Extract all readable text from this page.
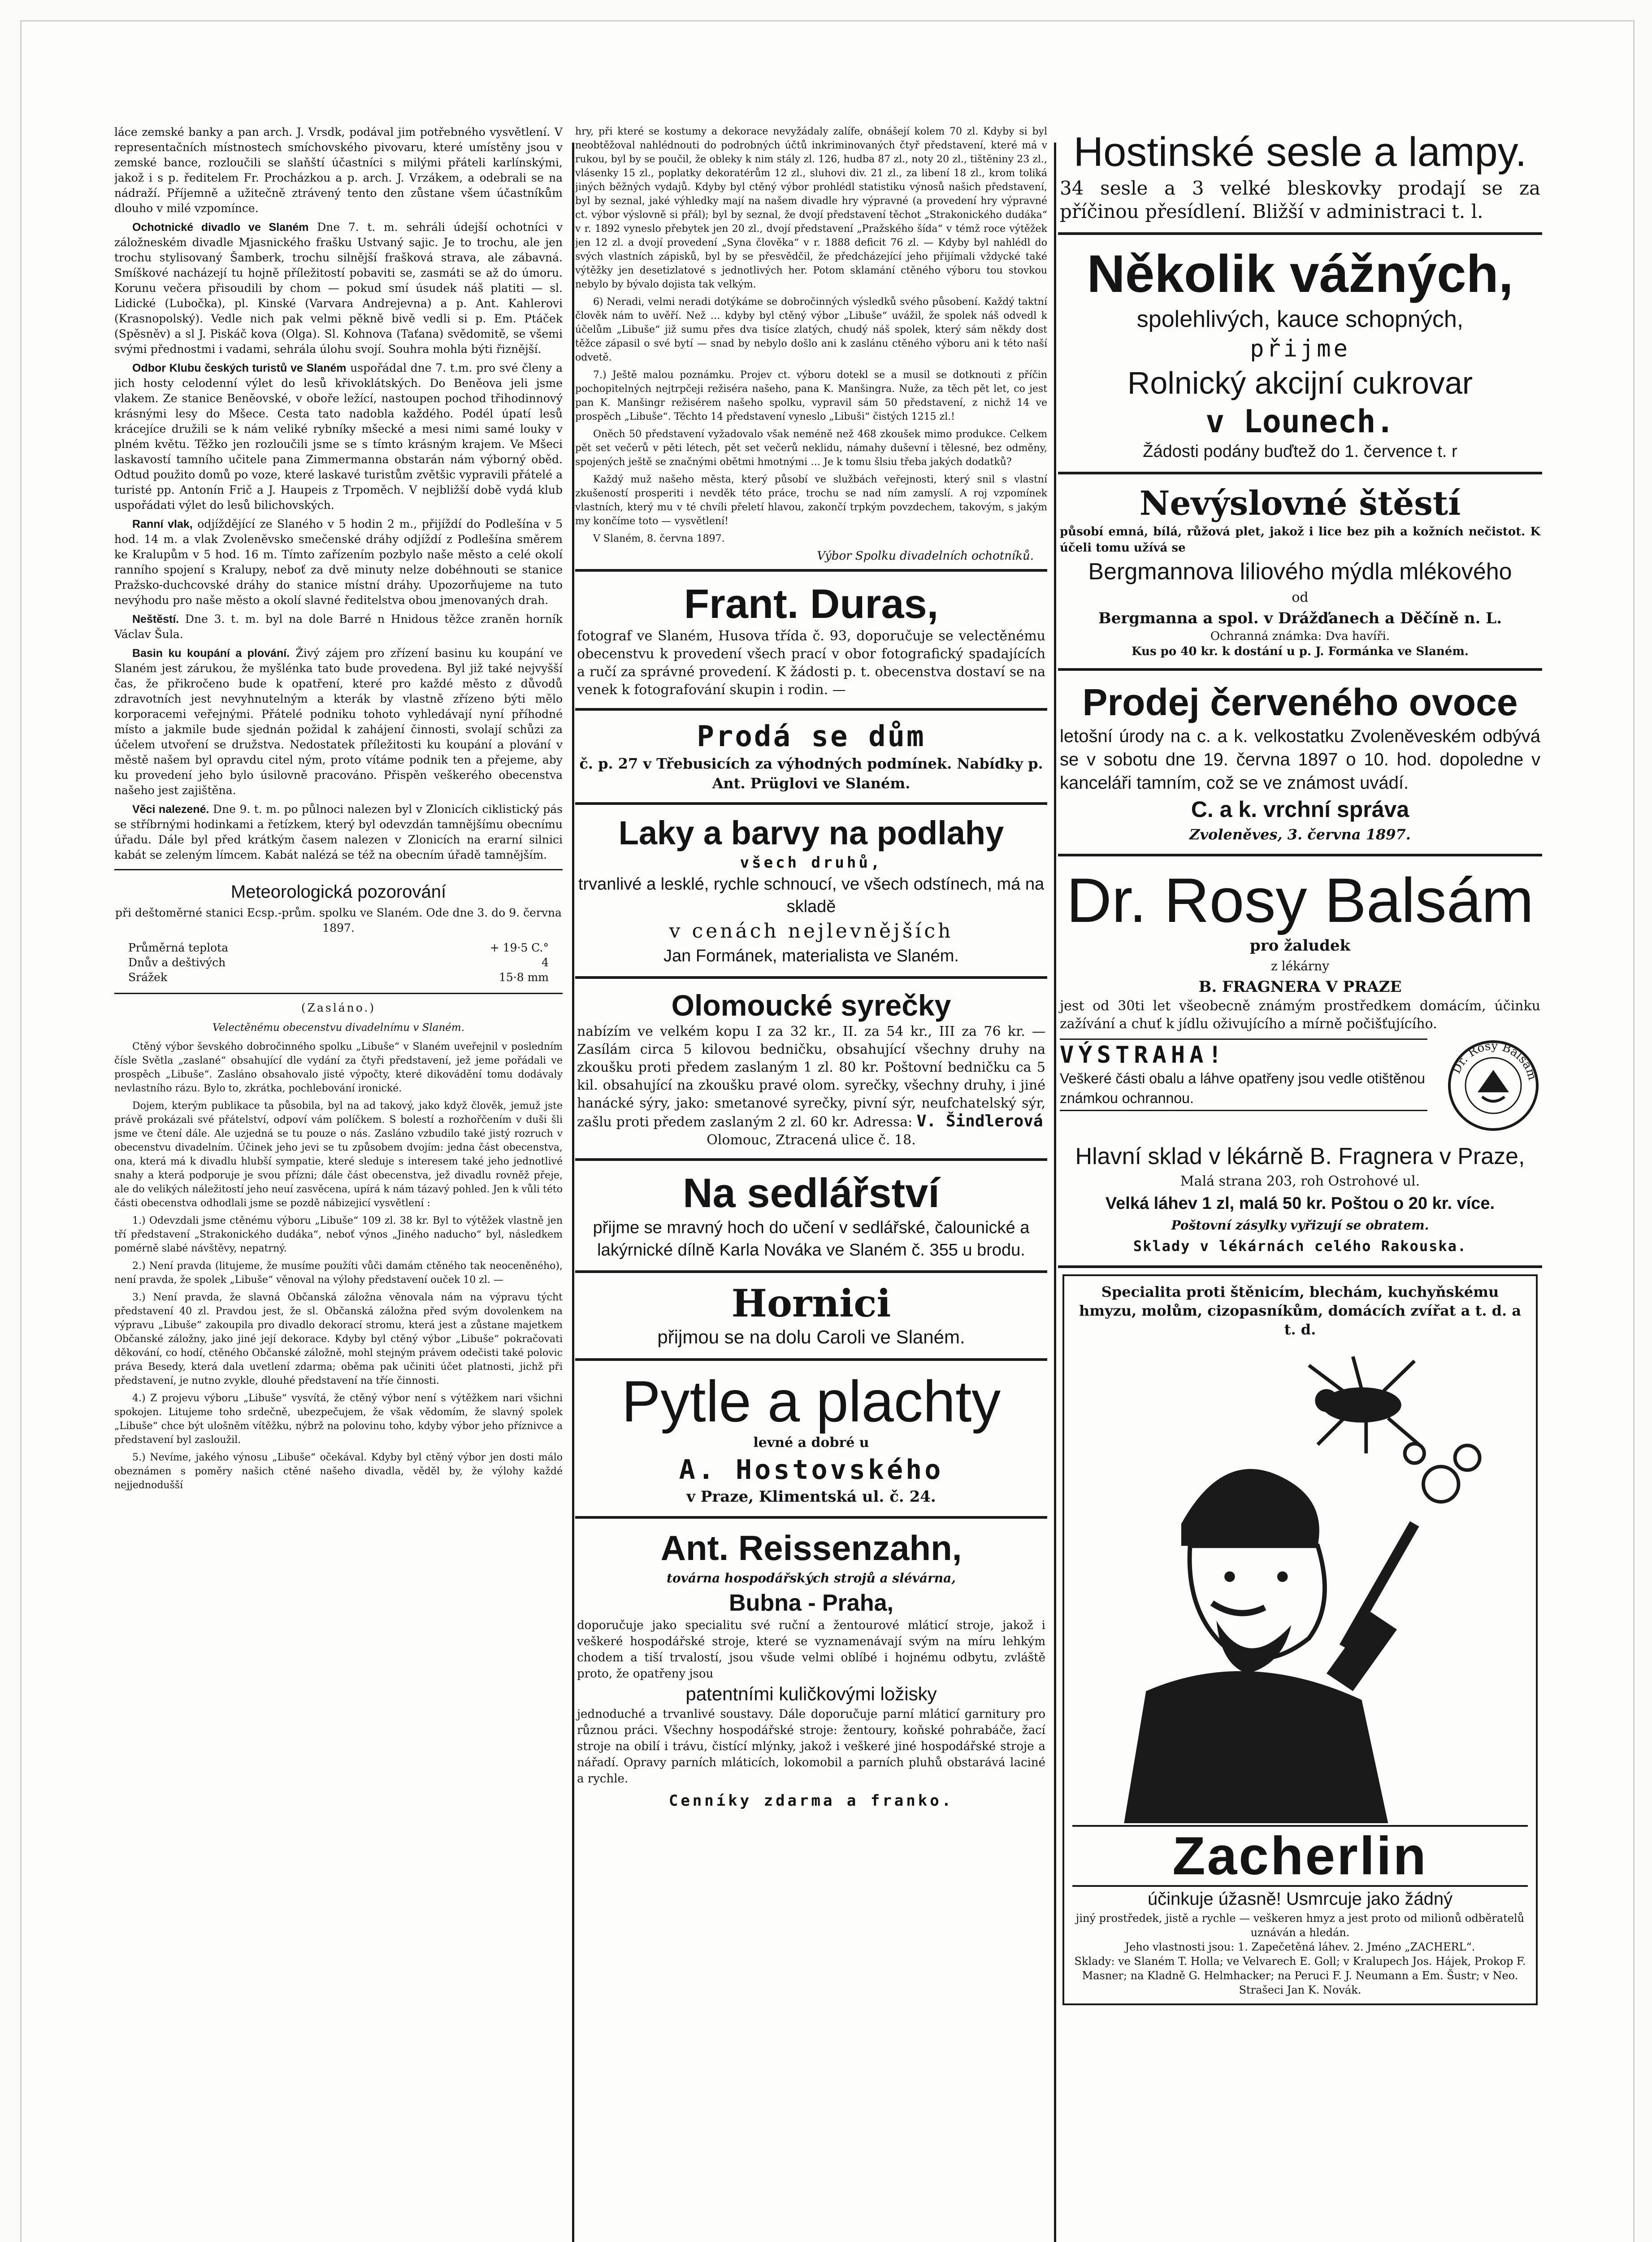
láce zemské banky a pan arch. J. Vrsdk, podával jim potřebného vysvětlení. V representačních místnostech smíchovského pivovaru, které umístěny jsou v zemské bance, rozloučili se slaňští účastníci s milými přáteli karlínskými, jakož i s p. ředitelem Fr. Procházkou a p. arch. J. Vrzákem, a odebrali se na nádraží. Příjemně a užitečně ztrávený tento den zůstane všem účastníkům dlouho v milé vzpomínce.

Ochotnické divadlo ve Slaném Dne 7. t. m. sehráli údejší ochotníci v záložneském divadle Mjasnického frašku Ustvaný sajic. Je to trochu, ale jen trochu stylisovaný Šamberk, trochu silnější frašková strava, ale zábavná. Smíškové nacházejí tu hojně příležitostí pobaviti se, zasmáti se až do úmoru. Korunu večera přisoudili by chom — pokud smí úsudek náš platiti — sl. Lidické (Lubočka), pl. Kinské (Varvara Andrejevna) a p. Ant. Kahlerovi (Krasnopolský). Vedle nich pak velmi pěkně bivě vedli si p. Em. Ptáček (Spěsněv) a sl J. Piskáč kova (Olga). Sl. Kohnova (Taťana) svědomitě, se všemi svými přednostmi i vadami, sehrála úlohu svojí. Souhra mohla býti řiznější.

Odbor Klubu českých turistů ve Slaném uspořádal dne 7. t.m. pro své členy a jich hosty celodenní výlet do lesů křivoklátských. Do Beněova jeli jsme vlakem. Ze stanice Beněovské, v oboře ležící, nastoupen pochod třihodinnový krásnými lesy do Mšece. Cesta tato nadobla každého. Podél úpatí lesů krácejíce družili se k nám veliké rybníky mšecké a mesi nimi samé louky v plném květu. Těžko jen rozloučili jsme se s tímto krásným krajem. Ve Mšeci laskavostí tamního učitele pana Zimmermanna obstarán nám výborný oběd. Odtud použito domů po voze, které laskavé turistům zvětšic vypravili přátelé a turisté pp. Antonín Frič a J. Haupeis z Trpoměch. V nejbližší době vydá klub uspořádati výlet do lesů bilichovských.

Ranní vlak, odjíždějící ze Slaného v 5 hodin 2 m., přijíždí do Podlešína v 5 hod. 14 m. a vlak Zvoleněvsko smečenské dráhy odjíždí z Podlešína směrem ke Kralupům v 5 hod. 16 m. Tímto zařízením pozbylo naše město a celé okolí ranního spojení s Kralupy, neboť za dvě minuty nelze dobéhnouti se stanice Pražsko-duchcovské dráhy do stanice místní dráhy. Upozorňujeme na tuto nevýhodu pro naše město a okolí slavné ředitelstva obou jmenovaných drah.

Neštěstí. Dne 3. t. m. byl na dole Barré n Hnidous těžce zraněn horník Václav Šula.

Basin ku koupání a plování. Živý zájem pro zřízení basinu ku koupání ve Slaném jest zárukou, že myšlénka tato bude provedena. Byl již také nejvyšší čas, že přikročeno bude k opatření, které pro každé město z důvodů zdravotních jest nevyhnutelným a kterák by vlastně zřízeno býti mělo korporacemi veřejnými. Přátelé podniku tohoto vyhledávají nyní příhodné místo a jakmile bude sjednán požidal k zahájení činnosti, svolají schůzi za účelem utvoření se družstva. Nedostatek příležitosti ku koupání a plování v městě našem byl opravdu citel ným, proto vítáme podnik ten a přejeme, aby ku provedení jeho bylo úsilovně pracováno. Přispěn veškerého obecenstva našeho jest zajištěna.

Věci nalezené. Dne 9. t. m. po půlnoci nalezen byl v Zlonicích ciklistický pás se stříbrnými hodinkami a řetízkem, který byl odevzdán tamnějšímu obecnímu úřadu. Dále byl před krátkým časem nalezen v Zlonicích na erarní silnici kabát se zeleným límcem. Kabát nalézá se též na obecním úřadě tamnějším.

Meteorologická pozorování
při deštoměrné stanici Ecsp.-prům. spolku ve Slaném. Ode dne 3. do 9. června 1897.
Průměrná teplota	+ 19·5 C.°
Dnův a deštivých	4
Srážek	15·8 mm
(Zasláno.)
Velectěnému obecenstvu divadelnímu v Slaném.

Ctěný výbor ševského dobročinného spolku „Libuše“ v Slaném uveřejnil v posledním čísle Světla „zaslané“ obsahující dle vydání za čtyři představení, jež jeme pořádali ve prospěch „Libuše“. Zasláno obsahovalo jisté výpočty, které dikovádění tomu dodávaly nevlastního rázu. Bylo to, zkrátka, pochlebování ironické.

Dojem, kterým publikace ta působila, byl na ad takový, jako když člověk, jemuž jste právě prokázali své přátelství, odpoví vám políčkem. S bolestí a rozhořčením v duši šli jsme ve čtení dále. Ale uzjedná se tu pouze o nás. Zasláno vzbudilo také jistý rozruch v obecenstvu divadelním. Účinek jeho jevi se tu způsobem dvojím: jedna část obecenstva, ona, která má k divadlu hlubší sympatie, které sleduje s interesem také jeho jednotlivé snahy a která podporuje je svou přízni; dále část obecenstva, jež divadlu rovněž přeje, ale do velikých náležitostí jeho neuí zasvěcena, upírá k nám tázavý pohled. Jen k vůli této části obecenstva odhodlali jsme se pozdě nábizejicí vysvětlení :

1.) Odevzdali jsme ctěnému výboru „Libuše“ 109 zl. 38 kr. Byl to výtěžek vlastně jen tří představení „Strakonického dudáka“, neboť výnos „Jiného naducho“ byl, následkem pomérně slabé návštěvy, nepatrný.

2.) Není pravda (litujeme, že musíme použíti vůči damám ctěného tak neoceněného), není pravda, že spolek „Libuše“ věnoval na výlohy představení ouček 10 zl. —

3.) Není pravda, že slavná Občanská záložna věnovala nám na výpravu týcht představení 40 zl. Pravdou jest, že sl. Občanská záložna před svým dovolenkem na výpravu „Libuše“ zakoupila pro divadlo dekorací stromu, která jest a zůstane majetkem Občanské záložny, jako jiné její dekorace. Kdyby byl ctěný výbor „Libuše“ pokračovati děkování, co hodí, ctěného Občanské záložně, mohl stejným právem odečisti také polovic práva Besedy, která dala uvetlení zdarma; oběma pak učiniti účet platnosti, jichž při představení, je nutno zvykle, dlouhé představení na tříe činnosti.

4.) Z projevu výboru „Libuše“ vysvítá, že ctěný výbor není s výtěžkem nari všichni spokojen. Litujeme toho srdečně, ubezpečujem, že však vědomím, že slavný spolek „Libuše“ chce být ulošněm vítěžku, nýbrž na polovinu toho, kdyby výbor jeho příznivce a představení byl zasloužil.

5.) Nevíme, jakého výnosu „Libuše“ očekával. Kdyby byl ctěný výbor jen dosti málo obeznámen s poměry našich ctěné našeho divadla, věděl by, že výlohy každé nejjednodušší

hry, při které se kostumy a dekorace nevyžádaly zalífe, obnášejí kolem 70 zl. Kdyby si byl neobtěžoval nahlédnouti do podrobných účtů inkriminovaných čtyř představení, které má v rukou, byl by se poučil, že obleky k nim stály zl. 126, hudba 87 zl., noty 20 zl., tištěniny 23 zl., vlásenky 15 zl., poplatky dekoratérům 12 zl., sluhovi div. 21 zl., za libení 18 zl., krom toliká jiných běžných vydajů. Kdyby byl ctěný výbor prohlédl statistiku výnosů našich představení, byl by seznal, jaké výhledky mají na našem divadle hry výpravné (a provedení hry výpravné ct. výbor výslovně si přál); byl by seznal, že dvojí představení těchot „Strakonického dudáka“ v r. 1892 vyneslo přebytek jen 20 zl., dvojí představení „Pražského šída“ v témž roce výtěžek jen 12 zl. a dvojí provedení „Syna člověka“ v r. 1888 deficit 76 zl. — Kdyby byl nahlédl do svých vlastních zápisků, byl by se přesvědčil, že předcházející jeho přijímali vždycké také výtěžky jen desetizlatové s jednotlivých her. Potom sklamání ctěného výboru tou stovkou nebylo by bývalo dojista tak velkým.

6) Neradi, velmi neradi dotýkáme se dobročinných výsledků svého působení. Každý taktní člověk nám to uvěří. Než … kdyby byl ctěný výbor „Libuše“ uvážil, že spolek náš odvedl k účelům „Libuše“ již sumu přes dva tisíce zlatých, chudý náš spolek, který sám někdy dost těžce zápasil o své bytí — snad by nebylo došlo ani k zaslánu ctěného výboru ani k této naší odvetě.

7.) Ještě malou poznámku. Projev ct. výboru dotekl se a musil se dotknouti z příčin pochopitelných nejtrpčeji režiséra našeho, pana K. Manšingra. Nuže, za těch pět let, co jest pan K. Manšingr režisérem našeho spolku, vypravil sám 50 představení, z nichž 14 ve prospěch „Libuše“. Těchto 14 představení vyneslo „Libuši“ čistých 1215 zl.!

Oněch 50 představení vyžadovalo však neméně než 468 zkoušek mimo produkce. Celkem pět set večerů v pěti létech, pět set večerů neklidu, námahy duševní i tělesné, bez odměny, spojených ještě se značnými obětmi hmotnými … Je k tomu šlsiu třeba jakých dodatků?

Každý muž našeho města, který působí ve službách veřejnosti, který snil s vlastní zkušeností prosperiti i nevděk této práce, trochu se nad ním zamyslí. A roj vzpomínek vlastních, který mu v té chvíli přeletí hlavou, zakončí trpkým povzdechem, takovým, s jakým my končíme toto — vysvětlení!

V Slaném, 8. června 1897.

Výbor Spolku divadelních ochotníků.
Frant. Duras,

fotograf ve Slaném, Husova třída č. 93, doporučuje se velectěnému obecenstvu k provedení všech prací v obor fotografický spadajících a ručí za správné provedení. K žádosti p. t. obecenstva dostaví se na venek k fotografování skupin i rodin. —

Prodá se dům

č. p. 27 v Třebusicích za výhodných podmínek. Nabídky p. Ant. Prüglovi ve Slaném.

Laky a barvy na podlahy

všech druhů,

trvanlivé a lesklé, rychle schnoucí, ve všech odstínech, má na skladě

v cenách nejlevnějších

Jan Formánek, materialista ve Slaném.

Olomoucké syrečky

nabízím ve velkém kopu I za 32 kr., II. za 54 kr., III za 76 kr. — Zasílám circa 5 kilovou bedničku, obsahující všechny druhy na zkoušku proti předem zaslaným 1 zl. 80 kr. Poštovní bedničku ca 5 kil. obsahující na zkoušku pravé olom. syrečky, všechny druhy, i jiné hanácké sýry, jako: smetanové syrečky, pivní sýr, neufchatelský sýr, zašlu proti předem zaslaným 2 zl. 60 kr. Adressa: V. Šindlerová

Olomouc, Ztracená ulice č. 18.

Na sedlářství

přijme se mravný hoch do učení v sedlářské, čalounické a lakýrnické dílně Karla Nováka ve Slaném č. 355 u brodu.

Hornici

přijmou se na dolu Caroli ve Slaném.

Pytle a plachty

levné a dobré u

A. Hostovského

v Praze, Klimentská ul. č. 24.

Ant. Reissenzahn,

továrna hospodářských strojů a slévárna,

Bubna - Praha,

doporučuje jako specialitu své ruční a žentourové mláticí stroje, jakož i veškeré hospodářské stroje, které se vyznamenávají svým na míru lehkým chodem a tiší trvalostí, jsou všude velmi oblíbé i hojnému odbytu, zvláště proto, že opatřeny jsou

patentními kuličkovými ložisky

jednoduché a trvanlivé soustavy. Dále doporučuje parní mláticí garnitury pro různou práci. Všechny hospodářské stroje: žentoury, koňské pohrabáče, žací stroje na obilí i trávu, čistící mlýnky, jakož i veškeré jiné hospodářské stroje a nářadí. Opravy parních mláticích, lokomobil a parních pluhů obstarává laciné a rychle.

Cenníky zdarma a franko.

Hostinské sesle a lampy.

34 sesle a 3 velké bleskovky prodají se za příčinou přesídlení. Bližší v administraci t. l.

Několik vážných,

spolehlivých, kauce schopných,

přijme

Rolnický akcijní cukrovar

v Lounech.

Žádosti podány buďtež do 1. července t. r

Nevýslovné štěstí

působí emná, bílá, růžová plet, jakož i lice bez pih a kožních nečistot. K účeli tomu užívá se

Bergmannova liliového mýdla mlékového

od

Bergmanna a spol. v Drážďanech a Děčíně n. L.

Ochranná známka: Dva havíři.

Kus po 40 kr. k dostání u p. J. Formánka ve Slaném.

Prodej červeného ovoce

letošní úrody na c. a k. velkostatku Zvoleněveském odbývá se v sobotu dne 19. června 1897 o 10. hod. dopoledne v kanceláři tamním, což se ve známost uvádí.

C. a k. vrchní správa

Zvoleněves, 3. června 1897.

Dr. Rosy Balsám

pro žaludek

z lékárny

B. FRAGNERA V PRAZE

jest od 30ti let všeobecně známým prostředkem domácím, účinku zažívání a chuť k jídlu oživujícího a mírně počišťujícího.

VÝSTRAHA!
Veškeré části obalu a láhve opatřeny jsou vedle otištěnou známkou ochrannou.
Dr. Rosy Balsám

Hlavní sklad v lékárně B. Fragnera v Praze,

Malá strana 203, roh Ostrohové ul.

Velká láhev 1 zl, malá 50 kr. Poštou o 20 kr. více.

Poštovní zásylky vyřizují se obratem.

Sklady v lékárnách celého Rakouska.

Specialita proti štěnicím, blechám, kuchyňskému hmyzu, molům, cizopasníkům, domácích zvířat a t. d. a t. d.

Zacherlin

účinkuje úžasně! Usmrcuje jako žádný

jiný prostředek, jistě a rychle — veškeren hmyz a jest proto od milionů odběratelů uznáván a hledán.

Jeho vlastnosti jsou: 1. Zapečetěná láhev. 2. Jméno „ZACHERL“.

Sklady: ve Slaném T. Holla; ve Velvarech E. Goll; v Kralupech Jos. Hájek, Prokop F. Masner; na Kladně G. Helmhacker; na Peruci F. J. Neumann a Em. Šustr; v Neo. Strašeci Jan K. Novák.
